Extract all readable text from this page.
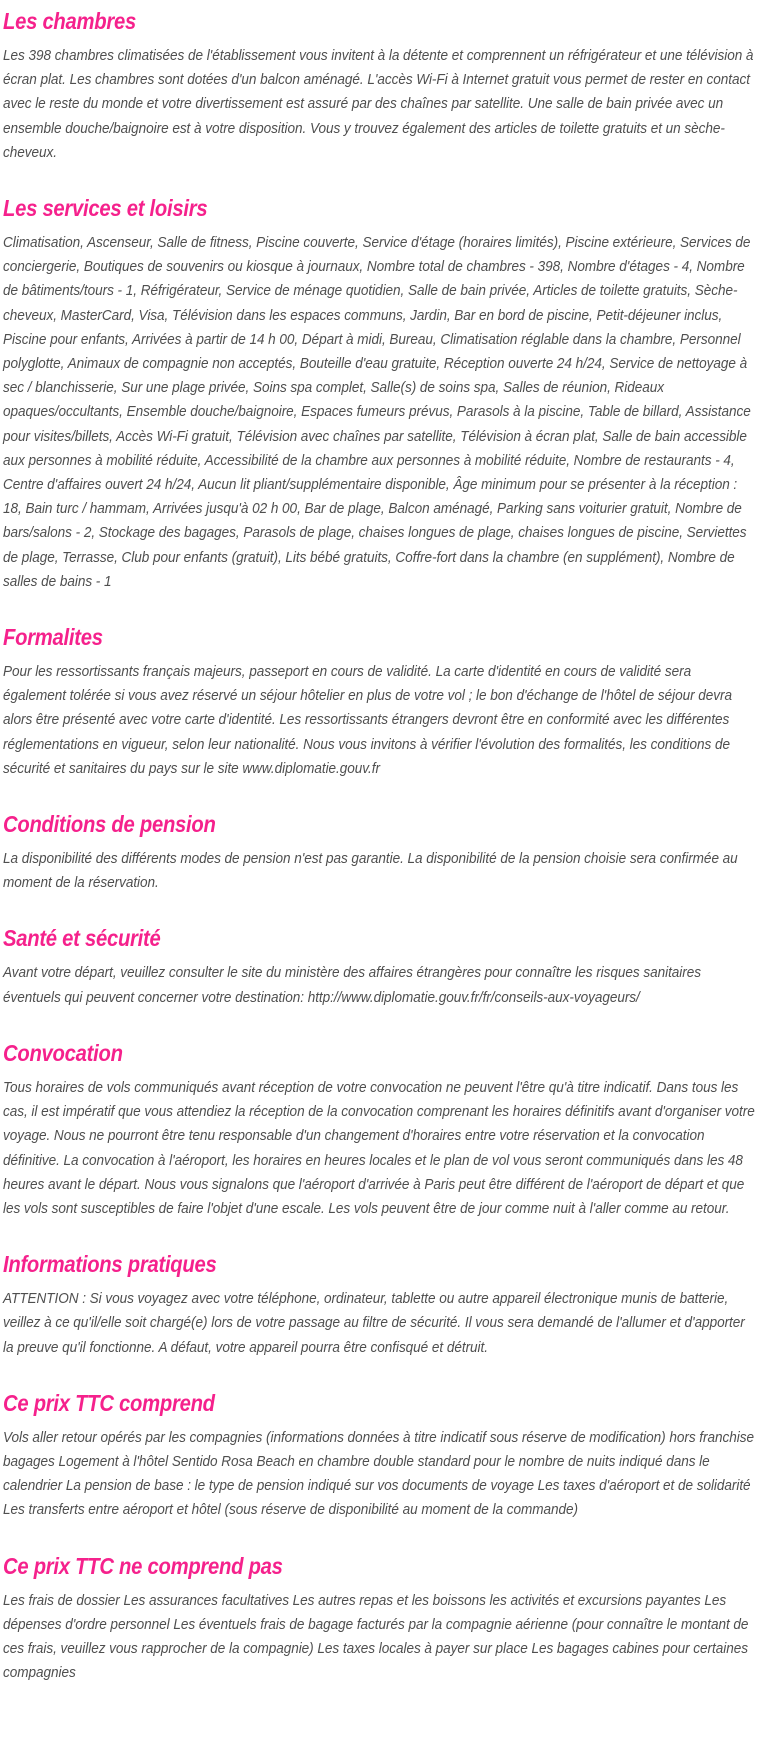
Les chambres

Les 398 chambres climatisées de l'établissement vous invitent à la détente et comprennent un réfrigérateur et une télévision à écran plat. Les chambres sont dotées d'un balcon aménagé. L'accès Wi-Fi à Internet gratuit vous permet de rester en contact avec le reste du monde et votre divertissement est assuré par des chaînes par satellite. Une salle de bain privée avec un ensemble douche/baignoire est à votre disposition. Vous y trouvez également des articles de toilette gratuits et un sèche-cheveux.

Les services et loisirs

Climatisation, Ascenseur, Salle de fitness, Piscine couverte, Service d'étage (horaires limités), Piscine extérieure, Services de conciergerie, Boutiques de souvenirs ou kiosque à journaux, Nombre total de chambres - 398, Nombre d'étages - 4, Nombre de bâtiments/tours - 1, Réfrigérateur, Service de ménage quotidien, Salle de bain privée, Articles de toilette gratuits, Sèche-cheveux, MasterCard, Visa, Télévision dans les espaces communs, Jardin, Bar en bord de piscine, Petit-déjeuner inclus, Piscine pour enfants, Arrivées à partir de 14 h 00, Départ à midi, Bureau, Climatisation réglable dans la chambre, Personnel polyglotte, Animaux de compagnie non acceptés, Bouteille d'eau gratuite, Réception ouverte 24 h/24, Service de nettoyage à sec / blanchisserie, Sur une plage privée, Soins spa complet, Salle(s) de soins spa, Salles de réunion, Rideaux opaques/occultants, Ensemble douche/baignoire, Espaces fumeurs prévus, Parasols à la piscine, Table de billard, Assistance pour visites/billets, Accès Wi-Fi gratuit, Télévision avec chaînes par satellite, Télévision à écran plat, Salle de bain accessible aux personnes à mobilité réduite, Accessibilité de la chambre aux personnes à mobilité réduite, Nombre de restaurants - 4, Centre d'affaires ouvert 24 h/24, Aucun lit pliant/supplémentaire disponible, Âge minimum pour se présenter à la réception : 18, Bain turc / hammam, Arrivées jusqu'à 02 h 00, Bar de plage, Balcon aménagé, Parking sans voiturier gratuit, Nombre de bars/salons - 2, Stockage des bagages, Parasols de plage, chaises longues de plage, chaises longues de piscine, Serviettes de plage, Terrasse, Club pour enfants (gratuit), Lits bébé gratuits, Coffre-fort dans la chambre (en supplément), Nombre de salles de bains - 1

Formalites

Pour les ressortissants français majeurs, passeport en cours de validité. La carte d'identité en cours de validité sera également tolérée si vous avez réservé un séjour hôtelier en plus de votre vol ; le bon d'échange de l'hôtel de séjour devra alors être présenté avec votre carte d'identité. Les ressortissants étrangers devront être en conformité avec les différentes réglementations en vigueur, selon leur nationalité. Nous vous invitons à vérifier l'évolution des formalités, les conditions de sécurité et sanitaires du pays sur le site www.diplomatie.gouv.fr

Conditions de pension

La disponibilité des différents modes de pension n'est pas garantie. La disponibilité de la pension choisie sera confirmée au moment de la réservation.

Santé et sécurité

Avant votre départ, veuillez consulter le site du ministère des affaires étrangères pour connaître les risques sanitaires éventuels qui peuvent concerner votre destination: http://www.diplomatie.gouv.fr/fr/conseils-aux-voyageurs/

Convocation

Tous horaires de vols communiqués avant réception de votre convocation ne peuvent l'être qu'à titre indicatif. Dans tous les cas, il est impératif que vous attendiez la réception de la convocation comprenant les horaires définitifs avant d'organiser votre voyage. Nous ne pourront être tenu responsable d'un changement d'horaires entre votre réservation et la convocation définitive. La convocation à l'aéroport, les horaires en heures locales et le plan de vol vous seront communiqués dans les 48 heures avant le départ. Nous vous signalons que l'aéroport d'arrivée à Paris peut être différent de l'aéroport de départ et que les vols sont susceptibles de faire l'objet d'une escale. Les vols peuvent être de jour comme nuit à l'aller comme au retour.

Informations pratiques

ATTENTION : Si vous voyagez avec votre téléphone, ordinateur, tablette ou autre appareil électronique munis de batterie, veillez à ce qu'il/elle soit chargé(e) lors de votre passage au filtre de sécurité. Il vous sera demandé de l'allumer et d'apporter la preuve qu'il fonctionne. A défaut, votre appareil pourra être confisqué et détruit.

Ce prix TTC comprend

Vols aller retour opérés par les compagnies (informations données à titre indicatif sous réserve de modification) hors franchise bagages Logement à l'hôtel Sentido Rosa Beach en chambre double standard pour le nombre de nuits indiqué dans le calendrier La pension de base : le type de pension indiqué sur vos documents de voyage Les taxes d'aéroport et de solidarité Les transferts entre aéroport et hôtel (sous réserve de disponibilité au moment de la commande)

Ce prix TTC ne comprend pas

Les frais de dossier Les assurances facultatives Les autres repas et les boissons les activités et excursions payantes Les dépenses d'ordre personnel Les éventuels frais de bagage facturés par la compagnie aérienne (pour connaître le montant de ces frais, veuillez vous rapprocher de la compagnie) Les taxes locales à payer sur place Les bagages cabines pour certaines compagnies
